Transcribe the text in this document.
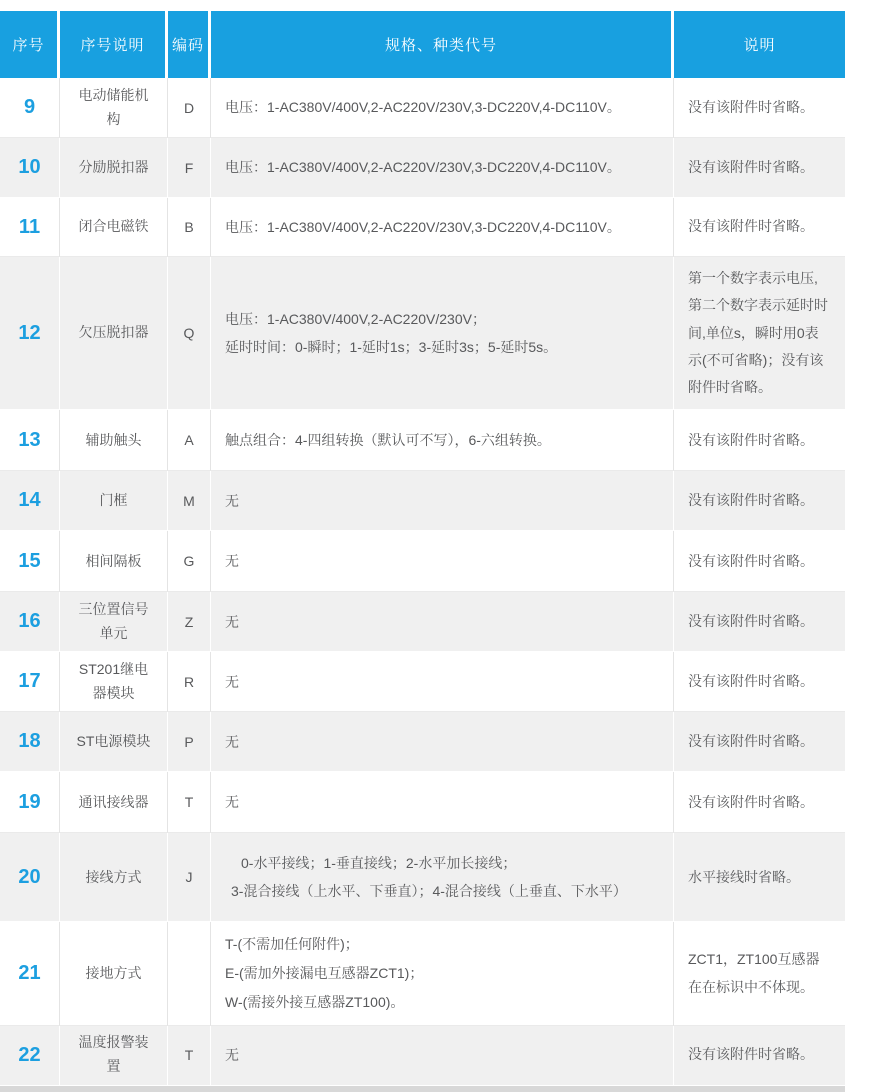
序号	序号说明	编码	规格、种类代号	说明
9	电动储能机构	D	电压：1-AC380V/400V,2-AC220V/230V,3-DC220V,4-DC110V。	没有该附件时省略。
10	分励脱扣器	F	电压：1-AC380V/400V,2-AC220V/230V,3-DC220V,4-DC110V。	没有该附件时省略。
11	闭合电磁铁	B	电压：1-AC380V/400V,2-AC220V/230V,3-DC220V,4-DC110V。	没有该附件时省略。
12	欠压脱扣器	Q	电压：1-AC380V/400V,2-AC220V/230V；
延时时间：0-瞬时；1-延时1s；3-延时3s；5-延时5s。	第一个数字表示电压,第二个数字表示延时时间,单位s，瞬时用0表示(不可省略)；没有该附件时省略。
13	辅助触头	A	触点组合：4-四组转换（默认可不写），6-六组转换。	没有该附件时省略。
14	门框	M	无	没有该附件时省略。
15	相间隔板	G	无	没有该附件时省略。
16	三位置信号单元	Z	无	没有该附件时省略。
17	ST201继电器模块	R	无	没有该附件时省略。
18	ST电源模块	P	无	没有该附件时省略。
19	通讯接线器	T	无	没有该附件时省略。
20	接线方式	J	0-水平接线；1-垂直接线；2-水平加长接线；
3-混合接线（上水平、下垂直）；4-混合接线（上垂直、下水平）	水平接线时省略。
21	接地方式		T-(不需加任何附件)；
E-(需加外接漏电互感器ZCT1)；
W-(需接外接互感器ZT100)。	ZCT1，ZT100互感器在在标识中不体现。
22	温度报警装置	T	无	没有该附件时省略。
